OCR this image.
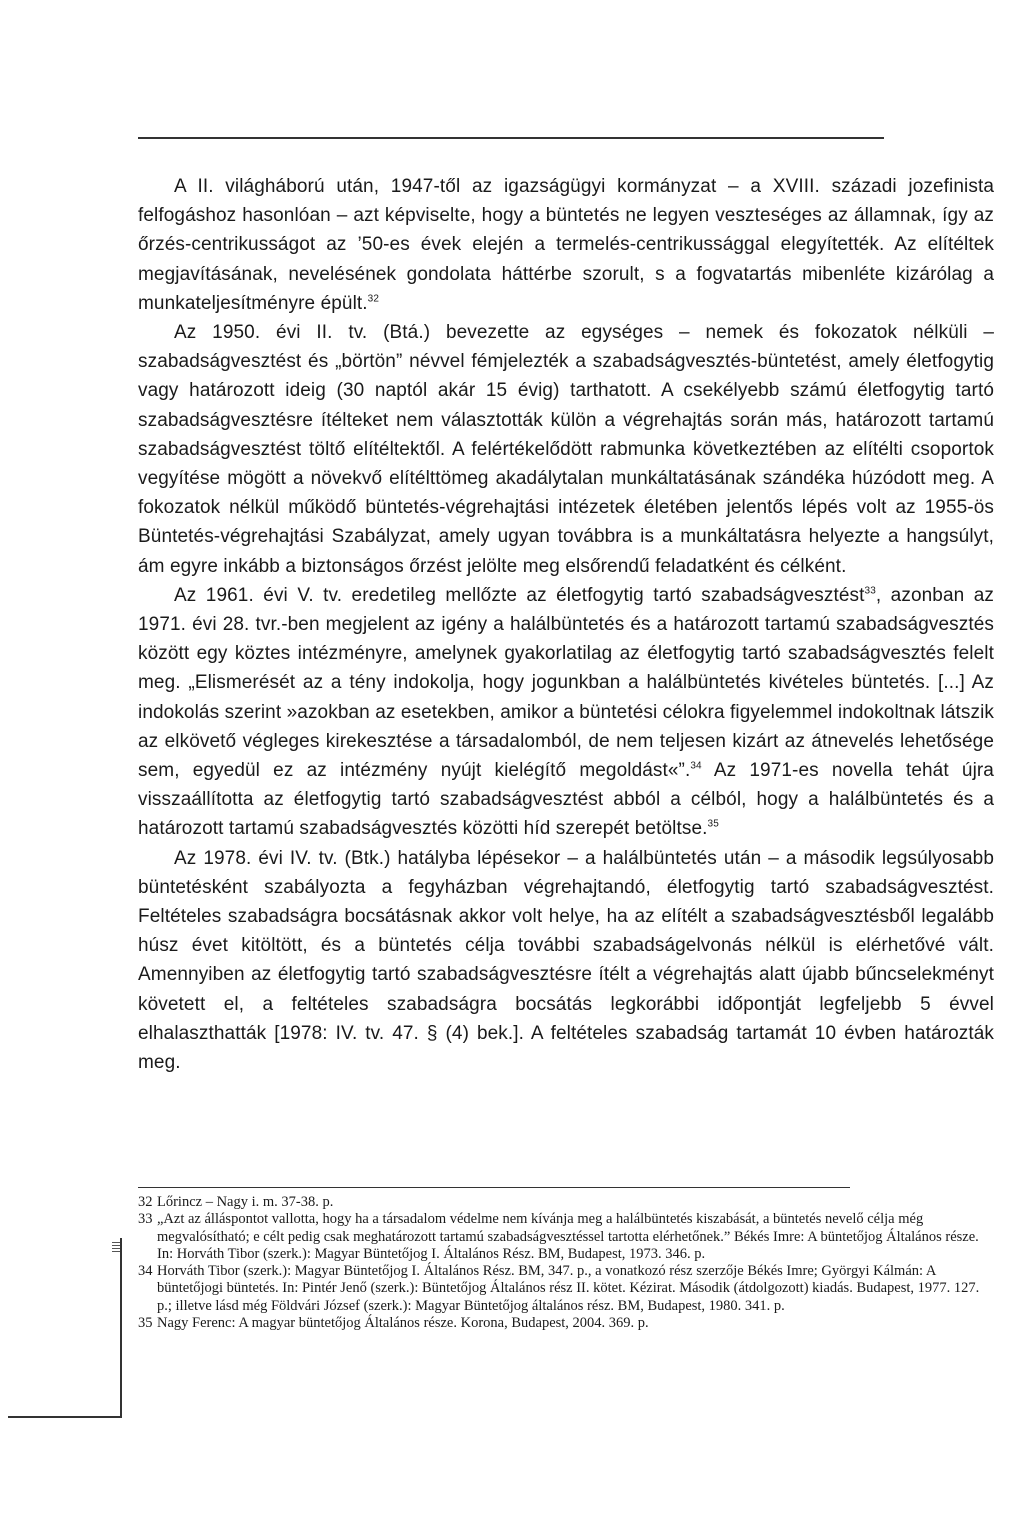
A II. világháború után, 1947-től az igazságügyi kormányzat – a XVIII. századi jozefinista felfogáshoz hasonlóan – azt képviselte, hogy a büntetés ne legyen veszteséges az államnak, így az őrzés-centrikusságot az ’50-es évek elején a termelés-centrikussággal elegyítették. Az elítéltek megjavításának, nevelésének gondolata háttérbe szorult, s a fogvatartás mibenléte kizárólag a munkateljesítményre épült.$^{32}$

Az 1950. évi II. tv. (Btá.) bevezette az egységes – nemek és fokozatok nélküli – szabadságvesztést és „börtön” névvel fémjelezték a szabadságvesztés-büntetést, amely életfogytig vagy határozott ideig (30 naptól akár 15 évig) tarthatott. A csekélyebb számú életfogytig tartó szabadságvesztésre ítélteket nem választották külön a végrehajtás során más, határozott tartamú szabadságvesztést töltő elítéltektől. A felértékelődött rabmunka következtében az elítélti csoportok vegyítése mögött a növekvő elítélttömeg akadálytalan munkáltatásának szándéka húzódott meg. A fokozatok nélkül működő büntetés-végrehajtási intézetek életében jelentős lépés volt az 1955-ös Büntetés-végrehajtási Szabályzat, amely ugyan továbbra is a munkáltatásra helyezte a hangsúlyt, ám egyre inkább a biztonságos őrzést jelölte meg elsőrendű feladatként és célként.

Az 1961. évi V. tv. eredetileg mellőzte az életfogytig tartó szabadságvesztést$^{33}$, azonban az 1971. évi 28. tvr.-ben megjelent az igény a halálbüntetés és a határozott tartamú szabadságvesztés között egy köztes intézményre, amelynek gyakorlatilag az életfogytig tartó szabadságvesztés felelt meg. „Elismerését az a tény indokolja, hogy jogunkban a halálbüntetés kivételes büntetés. [...] Az indokolás szerint »azokban az esetekben, amikor a büntetési célokra figyelemmel indokoltnak látszik az elkövető végleges kirekesztése a társadalomból, de nem teljesen kizárt az átnevelés lehetősége sem, egyedül ez az intézmény nyújt kielégítő megoldást«”.$^{34}$ Az 1971-es novella tehát újra visszaállította az életfogytig tartó szabadságvesztést abból a célból, hogy a halálbüntetés és a határozott tartamú szabadságvesztés közötti híd szerepét betöltse.$^{35}$

Az 1978. évi IV. tv. (Btk.) hatályba lépésekor – a halálbüntetés után – a második legsúlyosabb büntetésként szabályozta a fegyházban végrehajtandó, életfogytig tartó szabadságvesztést. Feltételes szabadságra bocsátásnak akkor volt helye, ha az elítélt a szabadságvesztésből legalább húsz évet kitöltött, és a büntetés célja további szabadságelvonás nélkül is elérhetővé vált. Amennyiben az életfogytig tartó szabadságvesztésre ítélt a végrehajtás alatt újabb bűncselekményt követett el, a feltételes szabadságra bocsátás legkorábbi időpontját legfeljebb 5 évvel elhalaszthatták [1978: IV. tv. 47. § (4) bek.]. A feltételes szabadság tartamát 10 évben határozták meg.

32 Lőrincz – Nagy i. m. 37-38. p.

33 „Azt az álláspontot vallotta, hogy ha a társadalom védelme nem kívánja meg a halálbüntetés kiszabását, a büntetés nevelő célja még megvalósítható; e célt pedig csak meghatározott tartamú szabadságvesztéssel tartotta elérhetőnek.” Békés Imre: A büntetőjog Általános része. In: Horváth Tibor (szerk.): Magyar Büntetőjog I. Általános Rész. BM, Budapest, 1973. 346. p.

34 Horváth Tibor (szerk.): Magyar Büntetőjog I. Általános Rész. BM, 347. p., a vonatkozó rész szerzője Békés Imre; Györgyi Kálmán: A büntetőjogi büntetés. In: Pintér Jenő (szerk.): Büntetőjog Általános rész II. kötet. Kézirat. Második (átdolgozott) kiadás. Budapest, 1977. 127. p.; illetve lásd még Földvári József (szerk.): Magyar Büntetőjog általános rész. BM, Budapest, 1980. 341. p.

35 Nagy Ferenc: A magyar büntetőjog Általános része. Korona, Budapest, 2004. 369. p.
